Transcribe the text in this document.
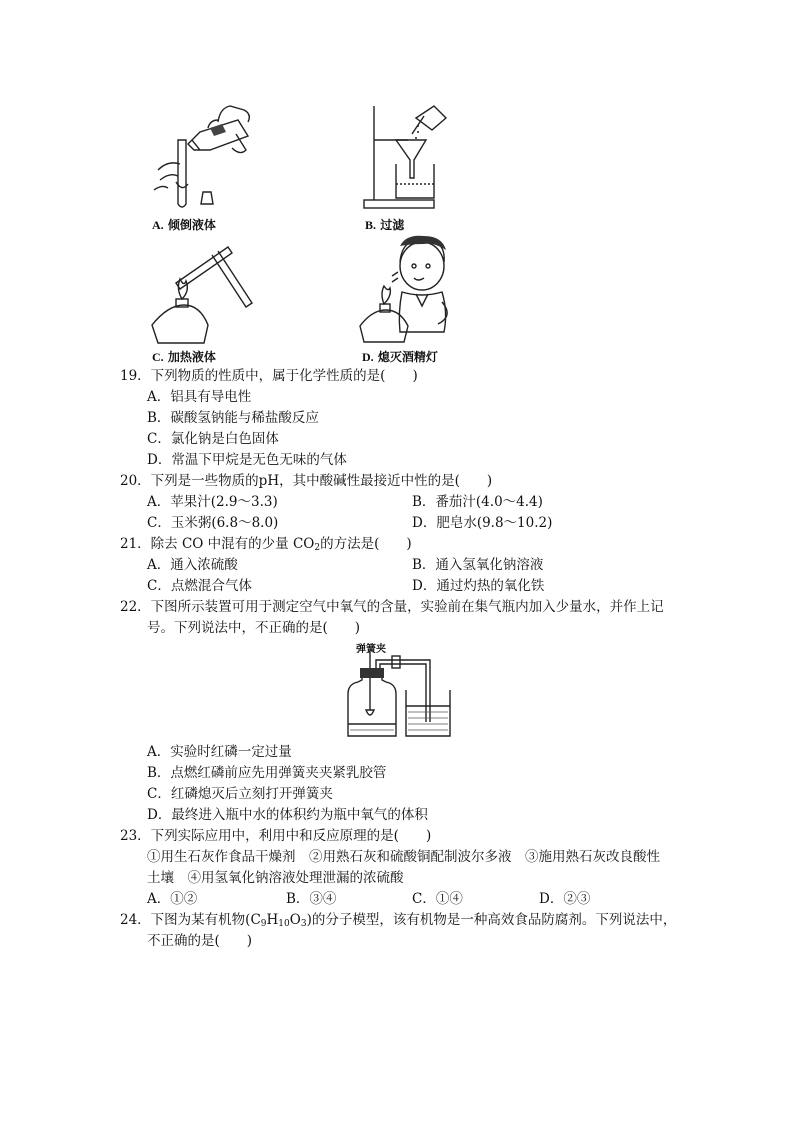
A. 倾倒液体	B. 过滤
C. 加热液体	D. 熄灭酒精灯
19．下列物质的性质中，属于化学性质的是(　　)
A．铝具有导电性
B．碳酸氢钠能与稀盐酸反应
C．氯化钠是白色固体
D．常温下甲烷是无色无味的气体
20．下列是一些物质的pH，其中酸碱性最接近中性的是(　　)
A．苹果汁(2.9～3.3)	B．番茄汁(4.0～4.4)
C．玉米粥(6.8～8.0)	D．肥皂水(9.8～10.2)
21．除去 CO 中混有的少量 $CO_2$的方法是(　　)
A．通入浓硫酸	B．通入氢氧化钠溶液
C．点燃混合气体	D．通过灼热的氧化铁
22．下图所示装置可用于测定空气中氧气的含量，实验前在集气瓶内加入少量水，并作上记
号。下列说法中，不正确的是(　　)
弹簧夹
A．实验时红磷一定过量
B．点燃红磷前应先用弹簧夹夹紧乳胶管
C．红磷熄灭后立刻打开弹簧夹
D．最终进入瓶中水的体积约为瓶中氧气的体积
23．下列实际应用中，利用中和反应原理的是(　　)
①用生石灰作食品干燥剂　②用熟石灰和硫酸铜配制波尔多液　③施用熟石灰改良酸性
土壤　④用氢氧化钠溶液处理泄漏的浓硫酸
A．①②	B．③④	C．①④	D．②③
24．下图为某有机物$(C_9H_{10}O_3)$的分子模型，该有机物是一种高效食品防腐剂。下列说法中，
不正确的是(　　)
